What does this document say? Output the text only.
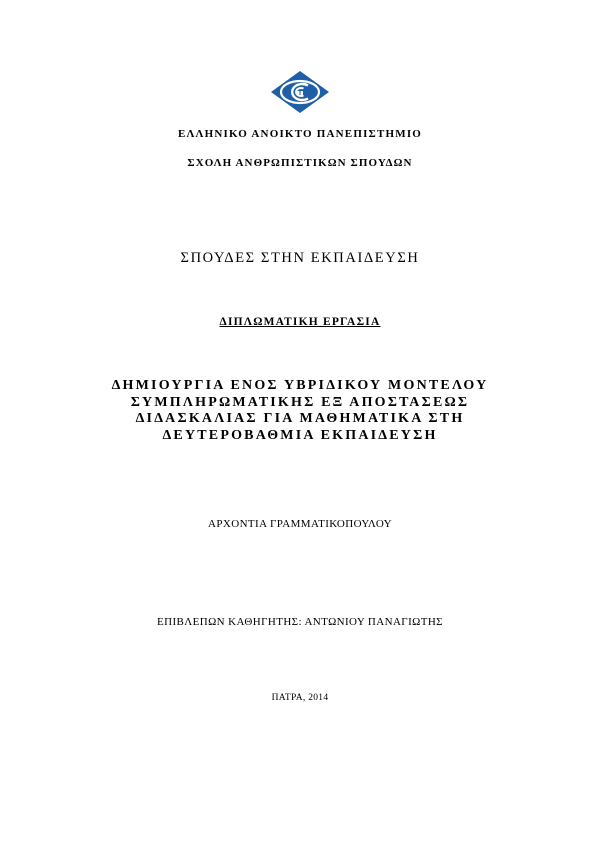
ΕΛΛΗΝΙΚΟ ΑΝΟΙΚΤΟ ΠΑΝΕΠΙΣΤΗΜΙΟ
ΣΧΟΛΗ ΑΝΘΡΩΠΙΣΤΙΚΩΝ ΣΠΟΥΔΩΝ
ΣΠΟΥΔΕΣ ΣΤΗΝ ΕΚΠΑΙΔΕΥΣΗ
ΔΙΠΛΩΜΑΤΙΚΗ ΕΡΓΑΣΙΑ
ΔΗΜΙΟΥΡΓΙΑ ΕΝΟΣ ΥΒΡΙΔΙΚΟΥ ΜΟΝΤΕΛΟΥ
ΣΥΜΠΛΗΡΩΜΑΤΙΚΗΣ ΕΞ ΑΠΟΣΤΑΣΕΩΣ
ΔΙΔΑΣΚΑΛΙΑΣ ΓΙΑ ΜΑΘΗΜΑΤΙΚΑ ΣΤΗ
ΔΕΥΤΕΡΟΒΑΘΜΙΑ ΕΚΠΑΙΔΕΥΣΗ
ΑΡΧΟΝΤΙΑ ΓΡΑΜΜΑΤΙΚΟΠΟΥΛΟΥ
ΕΠΙΒΛΕΠΩΝ ΚΑΘΗΓΗΤΗΣ: ΑΝΤΩΝΙΟΥ ΠΑΝΑΓΙΩΤΗΣ
ΠΑΤΡΑ, 2014
